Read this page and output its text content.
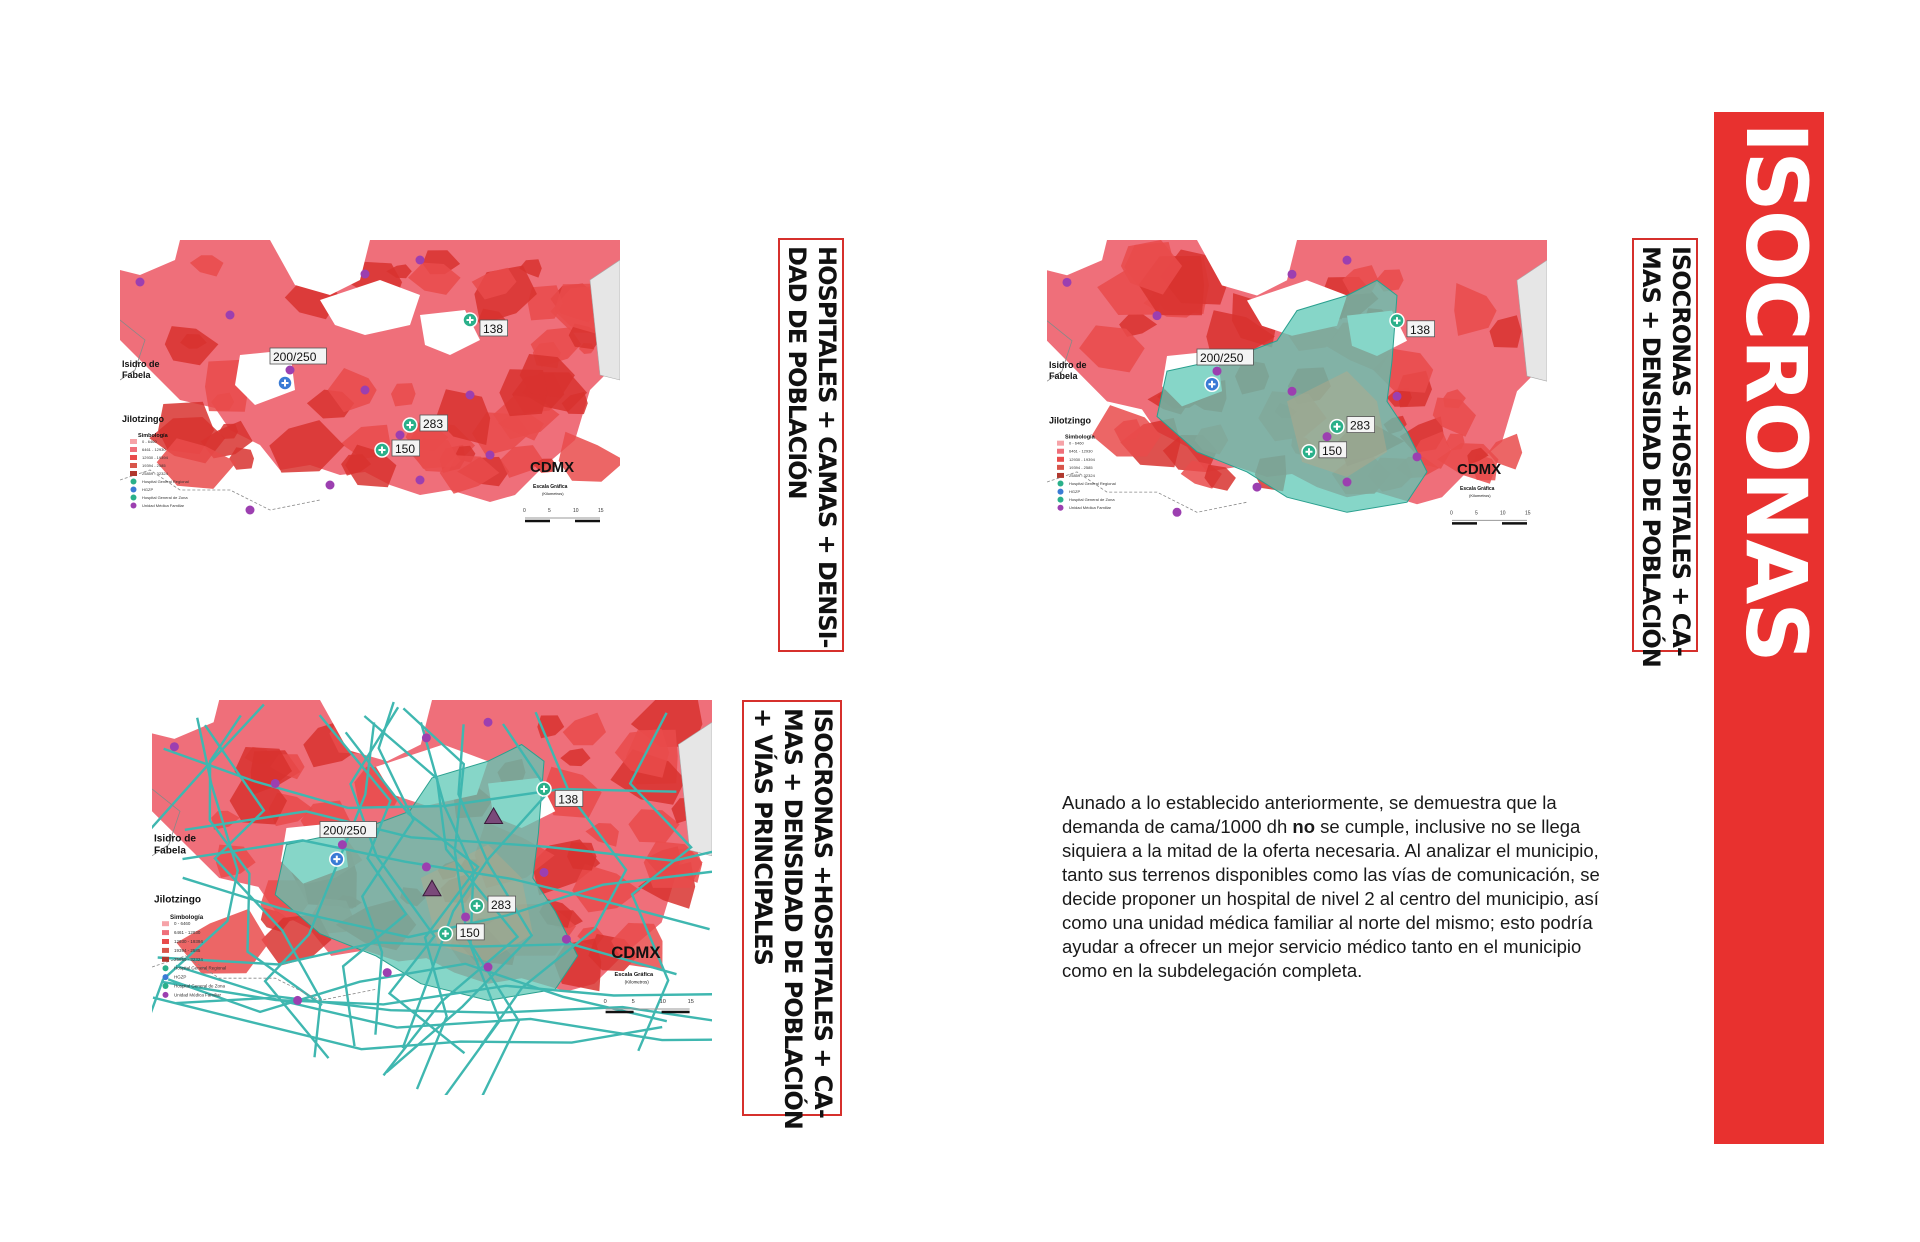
200/250
283
150
138
Isidro de
Fabela
Jilotzingo
Simbología
0 - 6460
6461 - 12930
12930 - 19394
19394 - 2585
25859 - 32324
Hospital General Regional
HGZP
Hospital General de Zona
Unidad Médica Familiar
CDMX
Escala Gráfica
(Kilometros)
0	5	10	15	HOSPITALES + CAMAS + DENSI-
DAD DE POBLACIÓN	200/250
283
150
138
Isidro de
Fabela
Jilotzingo
Simbología
0 - 6460
6461 - 12930
12930 - 19394
19394 - 2585
25859 - 32324
Hospital General Regional
HGZP
Hospital General de Zona
Unidad Médica Familiar
CDMX
Escala Gráfica
(Kilometros)
0	5	10	15	ISOCRONAS +HOSPITALES + CA-
MAS + DENSIDAD DE POBLACIÓN
200/250
283
150
138
Isidro de
Fabela
Jilotzingo
Simbología
0 - 6460
6461 - 12930
12930 - 19394
19394 - 2585
25859 - 32324
Hospital General Regional
HGZP
Hospital General de Zona
Unidad Médica Familiar
CDMX
Escala Gráfica
(Kilometros)
0	5	10	15	ISOCRONAS +HOSPITALES + CA-
MAS + DENSIDAD DE POBLACIÓN
+ VÍAS PRINCIPALES
ISOCRONAS
Aunado a lo establecido anteriormente, se demuestra que la demanda de cama/1000 dh no se cumple, inclusive no se llega siquiera a la mitad de la oferta necesaria. Al analizar el municipio, tanto sus terrenos disponibles como las vías de comunicación, se decide proponer un hospital de nivel 2 al centro del municipio, así como una unidad médica familiar al norte del mismo; esto podría ayudar a ofrecer un mejor servicio médico tanto en el municipio como en la subdelegación completa.
